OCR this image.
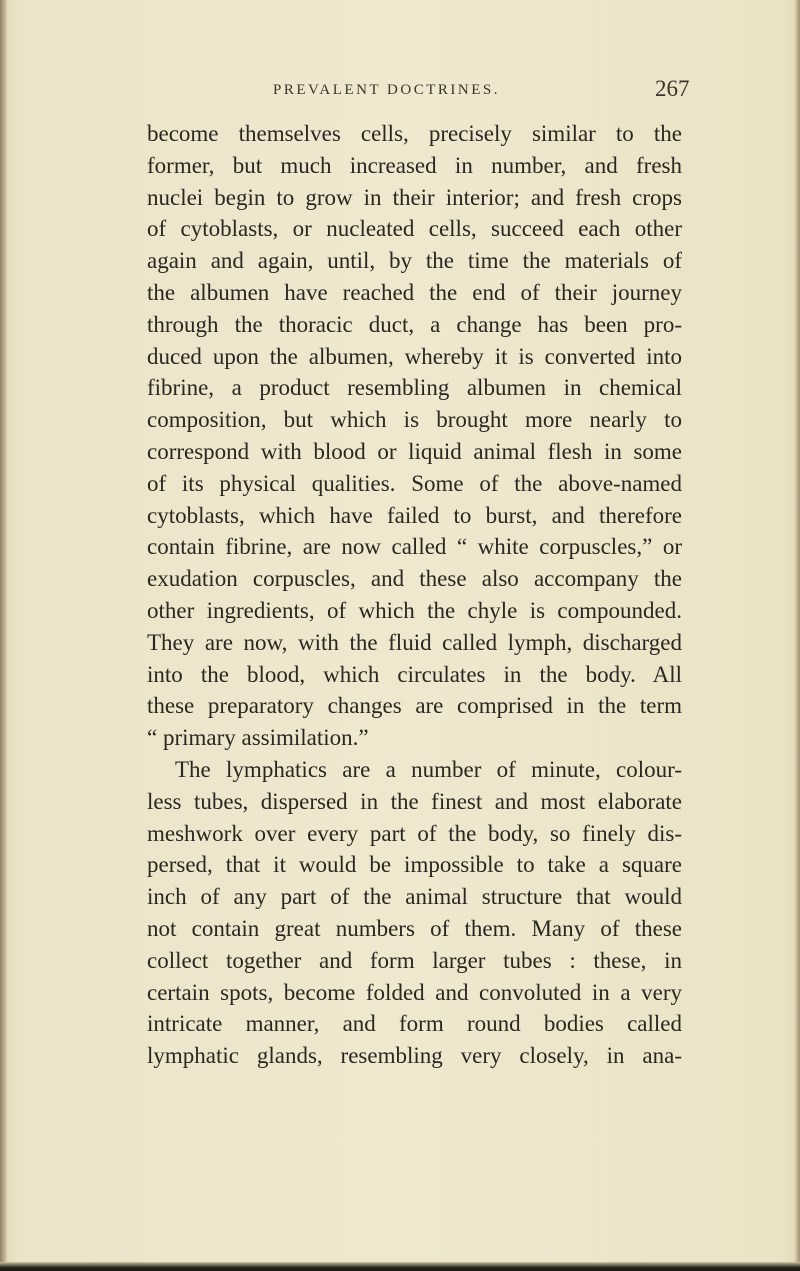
PREVALENT DOCTRINES.	267
become themselves cells, precisely similar to the
former, but much increased in number, and fresh
nuclei begin to grow in their interior; and fresh crops
of cytoblasts, or nucleated cells, succeed each other
again and again, until, by the time the materials of
the albumen have reached the end of their journey
through the thoracic duct, a change has been pro-
duced upon the albumen, whereby it is converted into
fibrine, a product resembling albumen in chemical
composition, but which is brought more nearly to
correspond with blood or liquid animal flesh in some
of its physical qualities. Some of the above-named
cytoblasts, which have failed to burst, and therefore
contain fibrine, are now called “ white corpuscles,” or
exudation corpuscles, and these also accompany the
other ingredients, of which the chyle is compounded.
They are now, with the fluid called lymph, discharged
into the blood, which circulates in the body. All
these preparatory changes are comprised in the term
“ primary assimilation.”
The lymphatics are a number of minute, colour-
less tubes, dispersed in the finest and most elaborate
meshwork over every part of the body, so finely dis-
persed, that it would be impossible to take a square
inch of any part of the animal structure that would
not contain great numbers of them. Many of these
collect together and form larger tubes : these, in
certain spots, become folded and convoluted in a very
intricate manner, and form round bodies called
lymphatic glands, resembling very closely, in ana-
